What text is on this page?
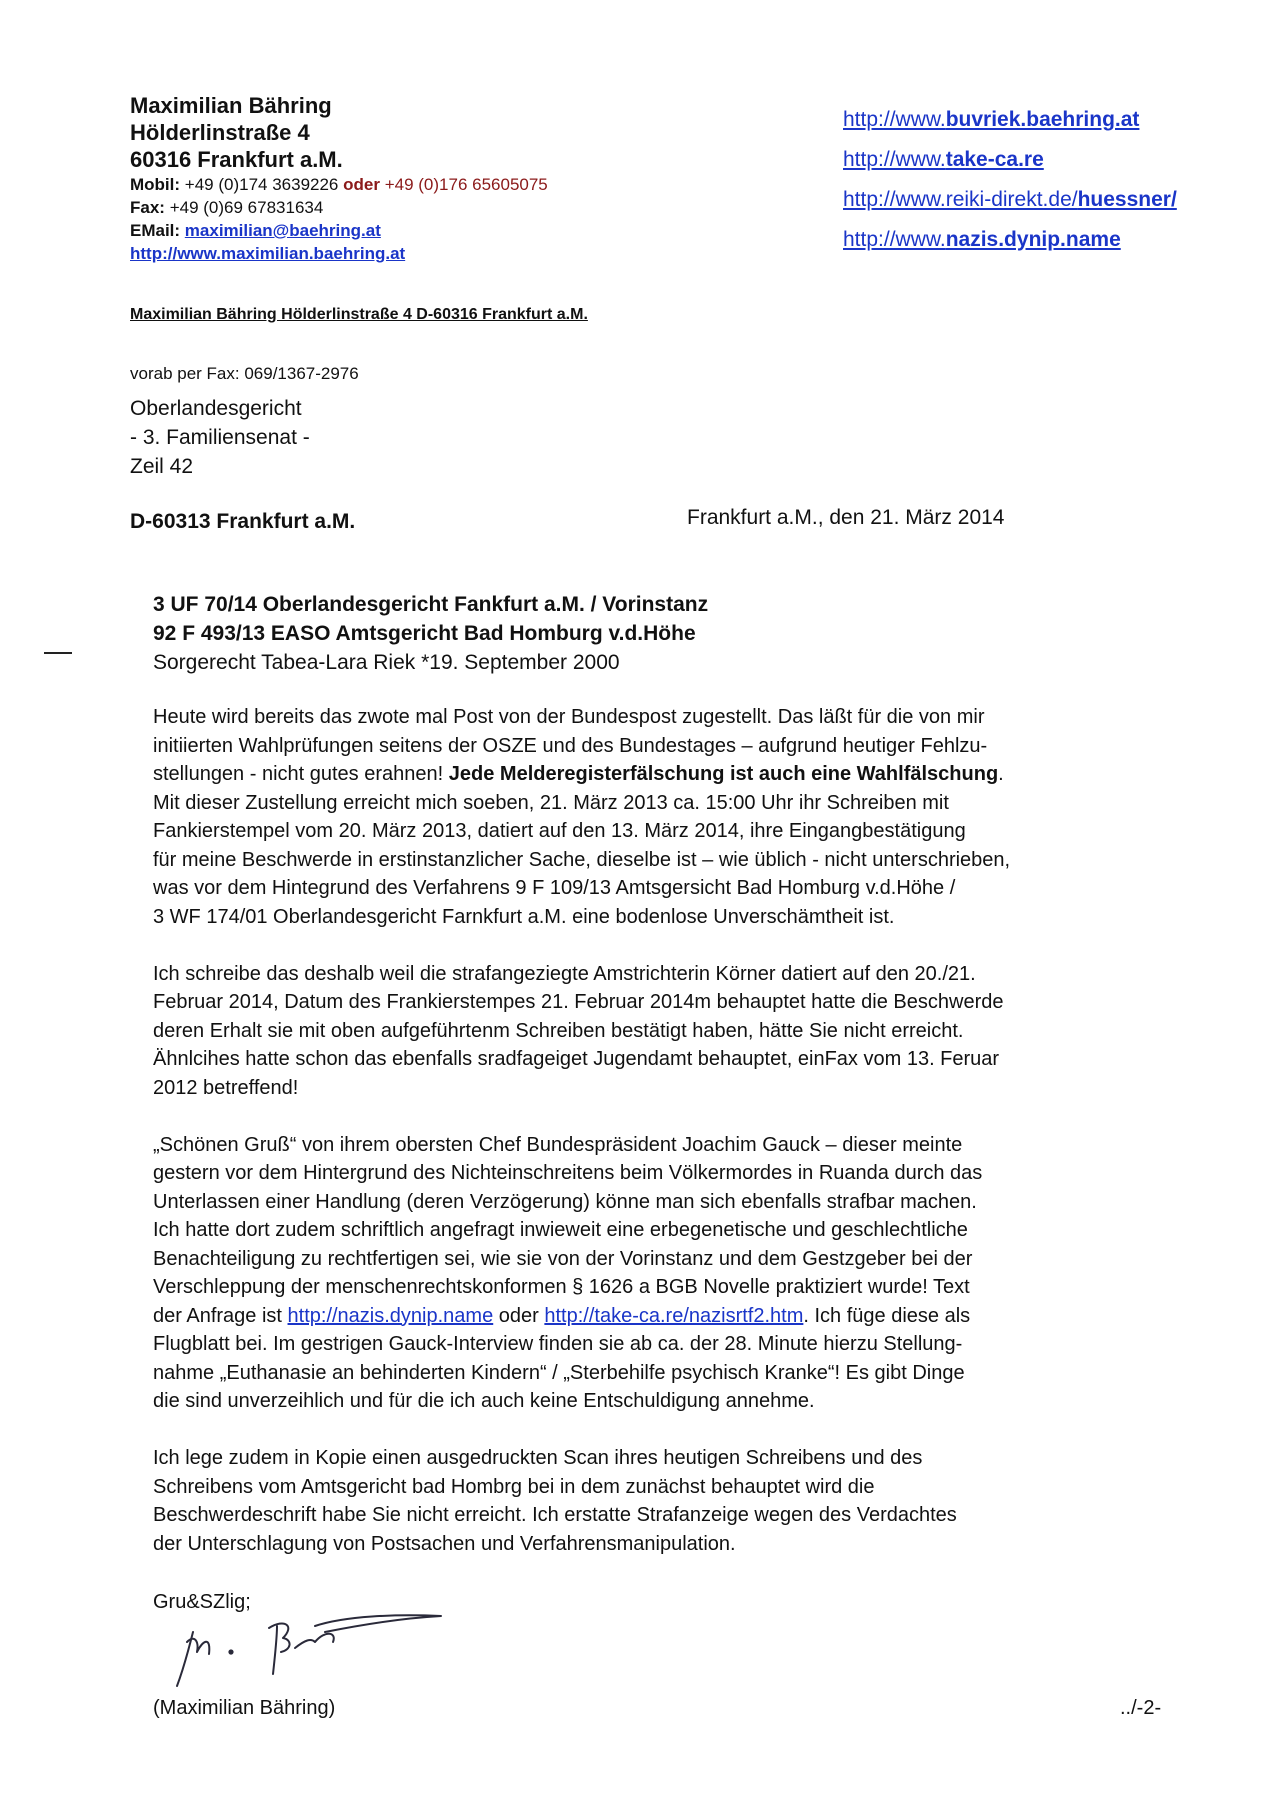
Maximilian Bähring
Hölderlinstraße 4
60316 Frankfurt a.M.
Mobil: +49 (0)174 3639226 oder +49 (0)176 65605075
Fax: +49 (0)69 67831634
EMail: maximilian@baehring.at
http://www.maximilian.baehring.at
http://www.buvriek.baehring.at
http://www.take-ca.re
http://www.reiki-direkt.de/huessner/
http://www.nazis.dynip.name
Maximilian Bähring Hölderlinstraße 4 D-60316 Frankfurt a.M.
vorab per Fax: 069/1367-2976
Oberlandesgericht
- 3. Familiensenat -
Zeil 42
D-60313 Frankfurt a.M.	Frankfurt a.M., den 21. März 2014
3 UF 70/14 Oberlandesgericht Fankfurt a.M. / Vorinstanz
92 F 493/13 EASO Amtsgericht Bad Homburg v.d.Höhe
Sorgerecht Tabea-Lara Riek *19. September 2000

Heute wird bereits das zwote mal Post von der Bundespost zugestellt. Das läßt für die von mir
initiierten Wahlprüfungen seitens der OSZE und des Bundestages – aufgrund heutiger Fehlzu-
stellungen - nicht gutes erahnen! Jede Melderegisterfälschung ist auch eine Wahlfälschung.
Mit dieser Zustellung erreicht mich soeben, 21. März 2013 ca. 15:00 Uhr ihr Schreiben mit
Fankierstempel vom 20. März 2013, datiert auf den 13. März 2014, ihre Eingangbestätigung
für meine Beschwerde in erstinstanzlicher Sache, dieselbe ist – wie üblich - nicht unterschrieben,
was vor dem Hintegrund des Verfahrens 9 F 109/13 Amtsgersicht Bad Homburg v.d.Höhe /
3 WF 174/01 Oberlandesgericht Farnkfurt a.M. eine bodenlose Unverschämtheit ist.

Ich schreibe das deshalb weil die strafangeziegte Amstrichterin Körner datiert auf den 20./21.
Februar 2014, Datum des Frankierstempes 21. Februar 2014m behauptet hatte die Beschwerde
deren Erhalt sie mit oben aufgeführtenm Schreiben bestätigt haben, hätte Sie nicht erreicht.
Ähnlcihes hatte schon das ebenfalls sradfageiget Jugendamt behauptet, einFax vom 13. Feruar
2012 betreffend!

„Schönen Gruß“ von ihrem obersten Chef Bundespräsident Joachim Gauck – dieser meinte
gestern vor dem Hintergrund des Nichteinschreitens beim Völkermordes in Ruanda durch das
Unterlassen einer Handlung (deren Verzögerung) könne man sich ebenfalls strafbar machen.
Ich hatte dort zudem schriftlich angefragt inwieweit eine erbegenetische und geschlechtliche
Benachteiligung zu rechtfertigen sei, wie sie von der Vorinstanz und dem Gestzgeber bei der
Verschleppung der menschenrechtskonformen § 1626 a BGB Novelle praktiziert wurde! Text
der Anfrage ist http://nazis.dynip.name oder http://take-ca.re/nazisrtf2.htm. Ich füge diese als
Flugblatt bei. Im gestrigen Gauck-Interview finden sie ab ca. der 28. Minute hierzu Stellung-
nahme „Euthanasie an behinderten Kindern“ / „Sterbehilfe psychisch Kranke“! Es gibt Dinge
die sind unverzeihlich und für die ich auch keine Entschuldigung annehme.

Ich lege zudem in Kopie einen ausgedruckten Scan ihres heutigen Schreibens und des
Schreibens vom Amtsgericht bad Hombrg bei in dem zunächst behauptet wird die
Beschwerdeschrift habe Sie nicht erreicht. Ich erstatte Strafanzeige wegen des Verdachtes
der Unterschlagung von Postsachen und Verfahrensmanipulation.

Gru&SZlig;
(Maximilian Bähring)	../-2-
